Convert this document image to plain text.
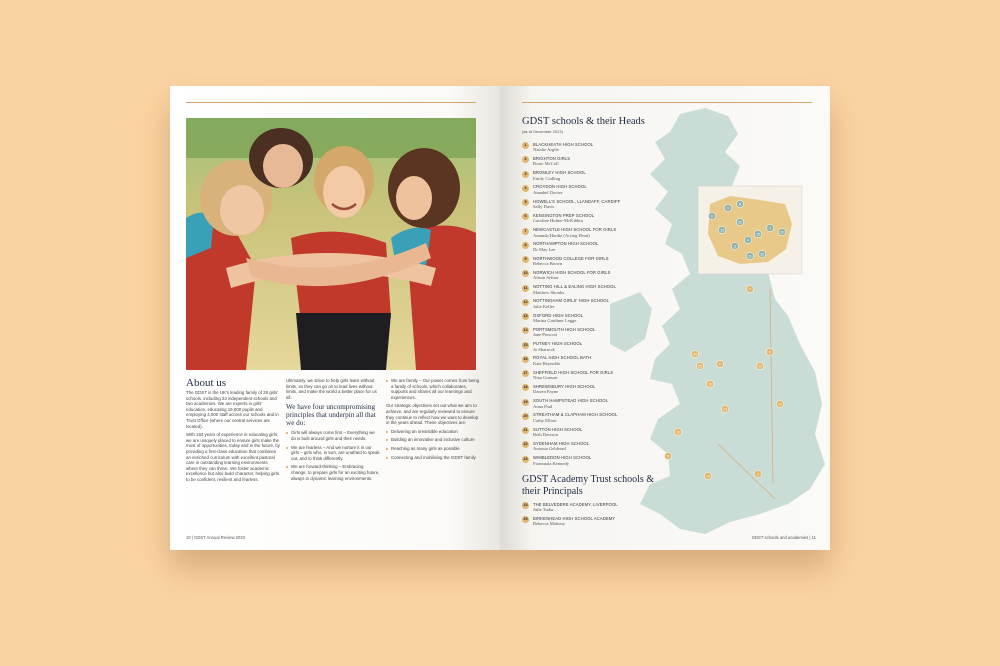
About us

The GDST is the UK's leading family of 25 girls' schools, including 23 independent schools and two academies. We are experts in girls' education, educating 19,000 pupils and employing 4,000 staff across our schools and in Trust Office (where our central services are located).

With 150 years of experience in educating girls, we are uniquely placed to ensure girls make the most of opportunities, today and in the future, by providing a first-class education that combines an enriched curriculum with excellent pastoral care in outstanding learning environments where they can thrive. We foster academic excellence but also build character, helping girls to be confident, resilient and fearless.

Ultimately, we strive to help girls learn without limits, so they can go on to lead lives without limits, and make the world a better place for us all.

We have four uncompromising principles that underpin all that we do:

Girls will always come first – Everything we do is built around girls and their needs.

We are fearless – And we nurture it in our girls – girls who, in turn, are unafraid to speak out, and to think differently.

We are forward-thinking – Embracing change, to prepare girls for an exciting future, always in dynamic learning environments.

We are family – Our power comes from being a family of schools, which collaborates, supports and shares all our learnings and experiences.

Our strategic objectives set out what we aim to achieve, and are regularly reviewed to ensure they continue to reflect how we want to develop in the years ahead. These objectives are:

Delivering an irresistible education

Building an innovative and inclusive culture

Reaching as many girls as possible

Connecting and mobilising the GDST family

10 | GDST Annual Review 2023
7
10
8
12
17
24
25
18
13
2
14
16
5
6
9
11
19	1
3
4
15
20
21
22
23
GDST schools & their Heads
(as at December 2023)
1	BLACKHEATH HIGH SCHOOL
Natalie Argile
2	BRIGHTON GIRLS
Rosie McColl
3	BROMLEY HIGH SCHOOL
Emily Codling
4	CROYDON HIGH SCHOOL
Annabel Davies
5	HOWELL'S SCHOOL, LLANDAFF, CARDIFF
Sally Davis
6	KENSINGTON PREP SCHOOL
Caroline Hulme-McKibbin
7	NEWCASTLE HIGH SCHOOL FOR GIRLS
Amanda Hardie (Acting Head)
8	NORTHAMPTON HIGH SCHOOL
Dr May Lee
9	NORTHWOOD COLLEGE FOR GIRLS
Rebecca Brown
10	NORWICH HIGH SCHOOL FOR GIRLS
Alison Sefton
11	NOTTING HILL & EALING HIGH SCHOOL
Matthew Shoults
12	NOTTINGHAM GIRLS' HIGH SCHOOL
Julie Keller
13	OXFORD HIGH SCHOOL
Marina Gardiner Legge
14	PORTSMOUTH HIGH SCHOOL
Jane Prescott
15	PUTNEY HIGH SCHOOL
Jo Sharrock
16	ROYAL HIGH SCHOOL BATH
Kate Reynolds
17	SHEFFIELD HIGH SCHOOL FOR GIRLS
Nina Gunson
18	SHREWSBURY HIGH SCHOOL
Darren Payne
19	SOUTH HAMPSTEAD HIGH SCHOOL
Anna Paul
20	STREATHAM & CLAPHAM HIGH SCHOOL
Cathy Elliott
21	SUTTON HIGH SCHOOL
Beth Dawson
22	SYDENHAM HIGH SCHOOL
Antonia Geldeard
23	WIMBLEDON HIGH SCHOOL
Fionnuala Kennedy
GDST Academy Trust schools & their Principals
24	THE BELVEDERE ACADEMY, LIVERPOOL
Julie Tudor
25	BIRKENHEAD HIGH SCHOOL ACADEMY
Rebecca Mahony
GDST schools and academies | 11
